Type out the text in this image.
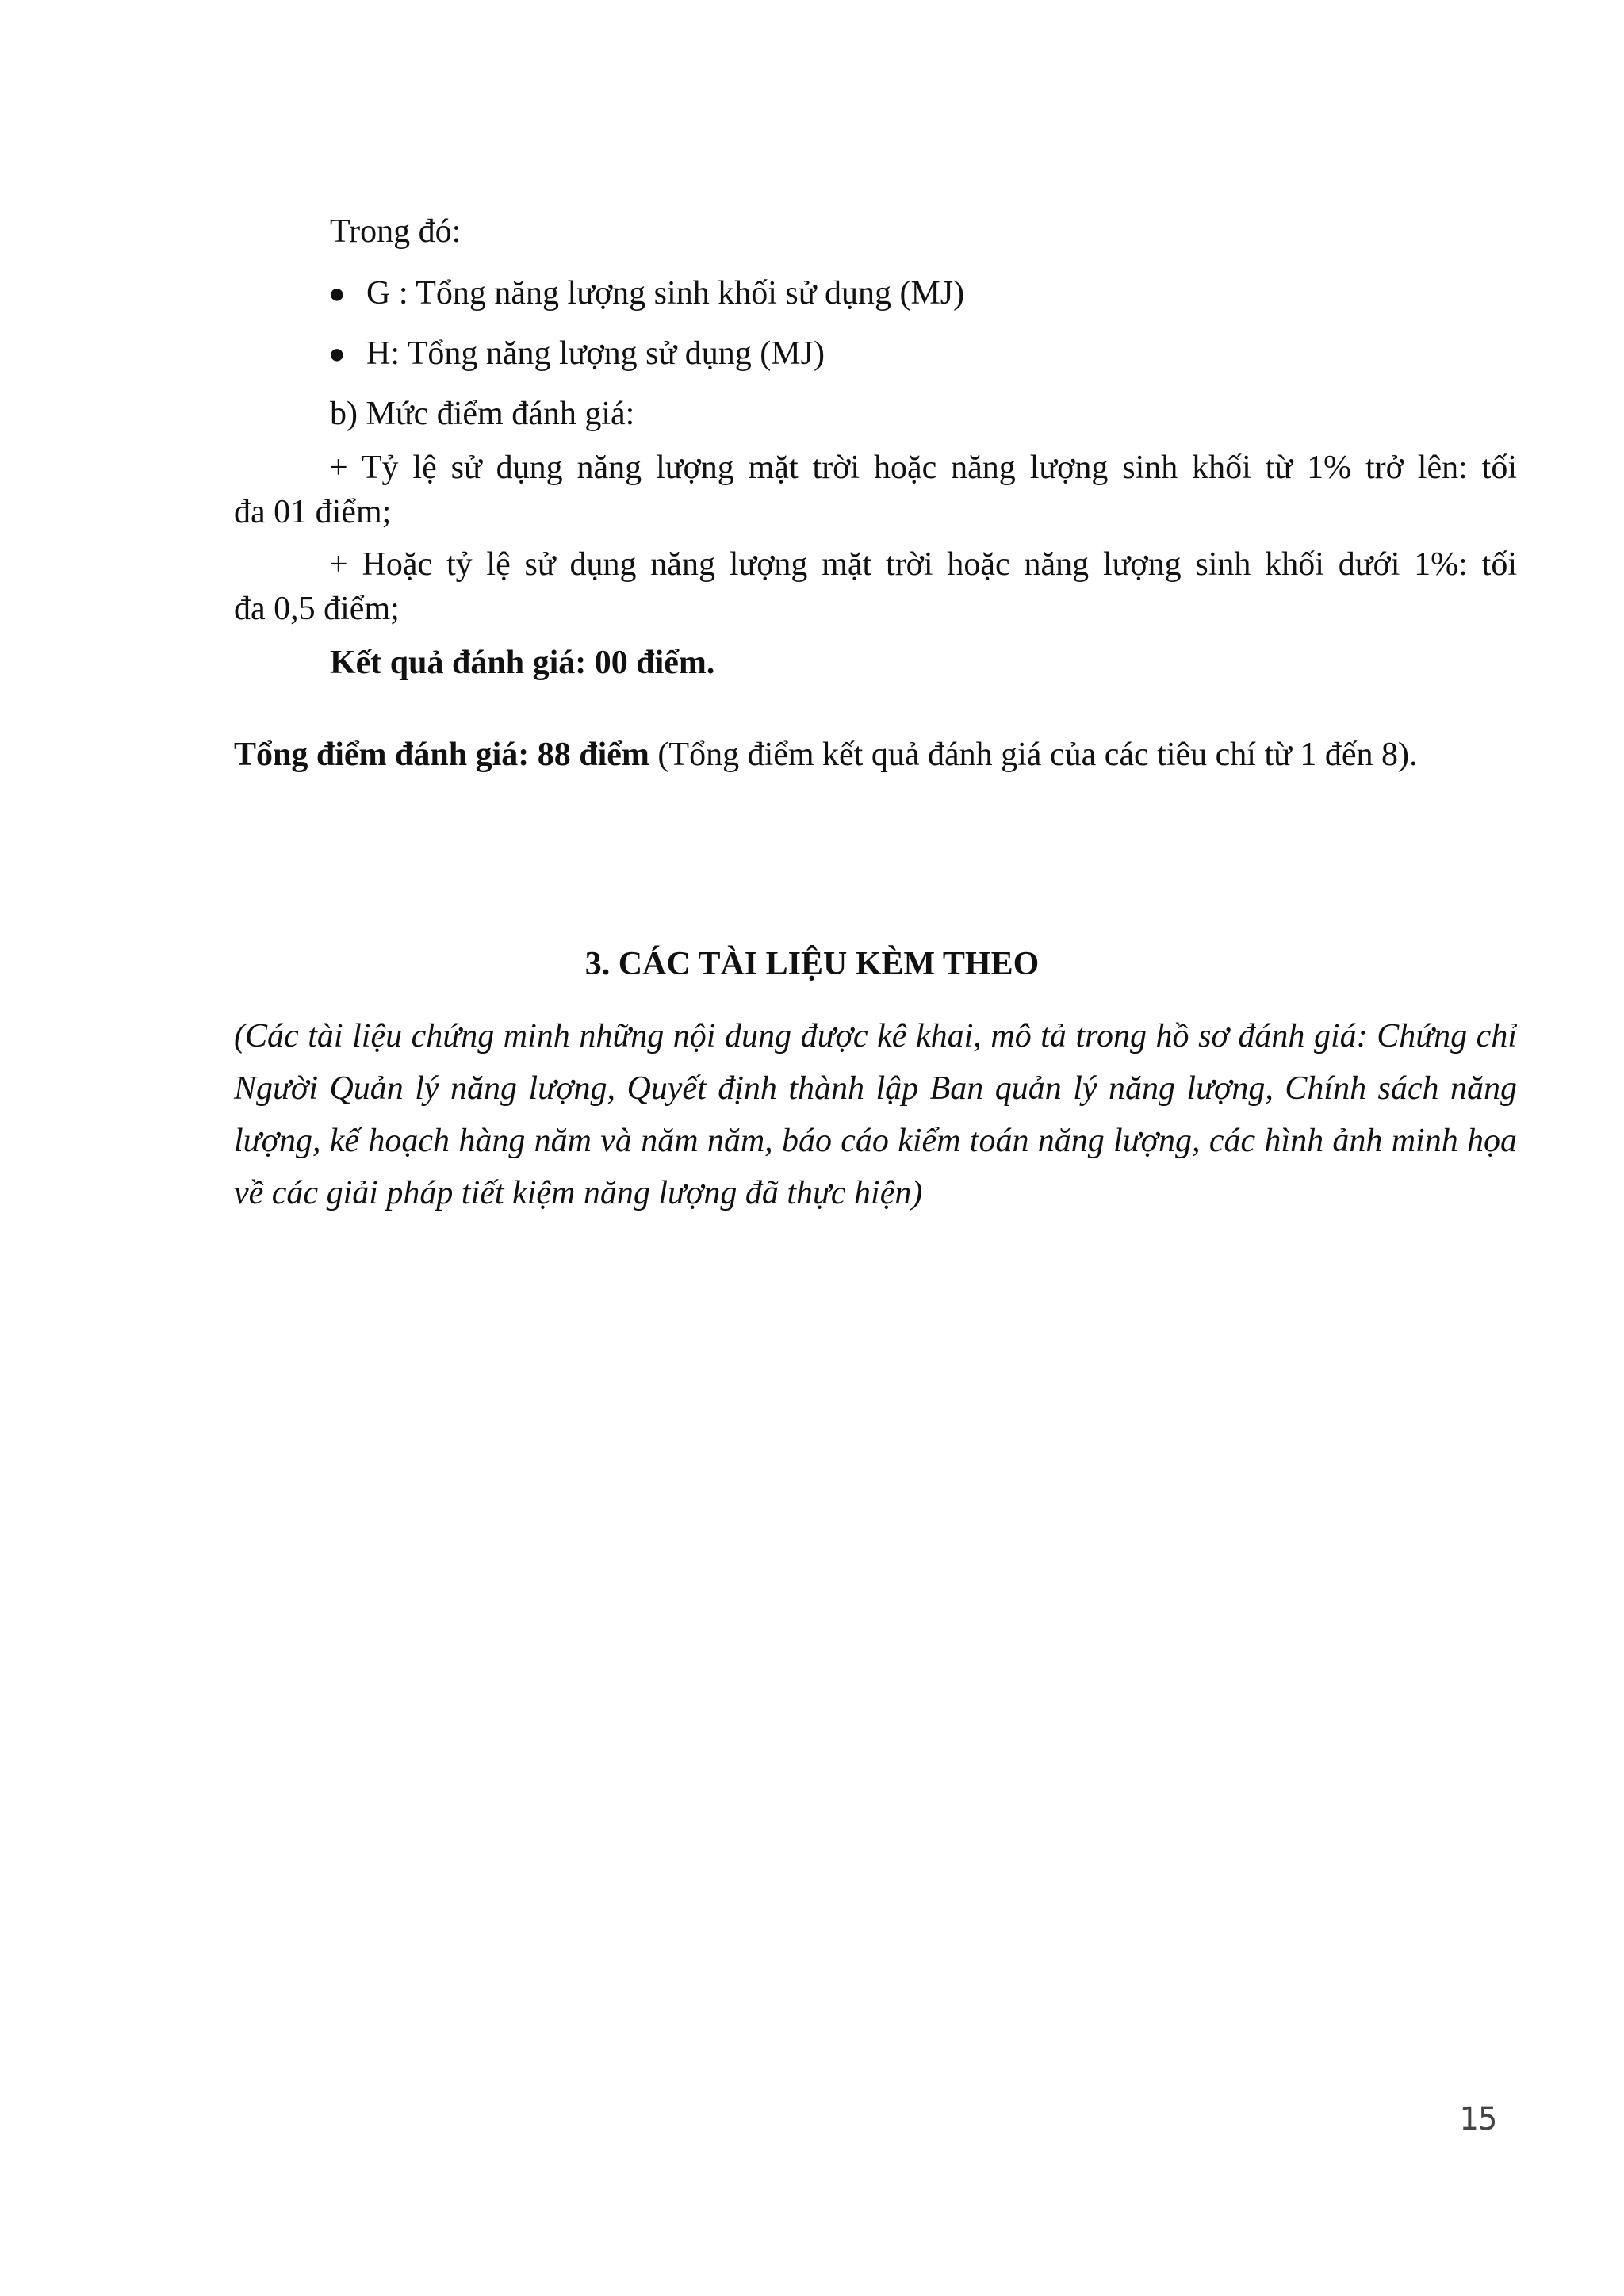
Trong đó:
● G : Tổng năng lượng sinh khối sử dụng (MJ)
● H: Tổng năng lượng sử dụng (MJ)
b) Mức điểm đánh giá:
+ Tỷ lệ sử dụng năng lượng mặt trời hoặc năng lượng sinh khối từ 1% trở lên: tối
đa 01 điểm;
+ Hoặc tỷ lệ sử dụng năng lượng mặt trời hoặc năng lượng sinh khối dưới 1%: tối
đa 0,5 điểm;
Kết quả đánh giá: 00 điểm.
Tổng điểm đánh giá: 88 điểm (Tổng điểm kết quả đánh giá của các tiêu chí từ 1 đến 8).
3. CÁC TÀI LIỆU KÈM THEO
(Các tài liệu chứng minh những nội dung được kê khai, mô tả trong hồ sơ đánh giá: Chứng chỉ Người Quản lý năng lượng, Quyết định thành lập Ban quản lý năng lượng, Chính sách năng lượng, kế hoạch hàng năm và năm năm, báo cáo kiểm toán năng lượng, các hình ảnh minh họa về các giải pháp tiết kiệm năng lượng đã thực hiện)
15
